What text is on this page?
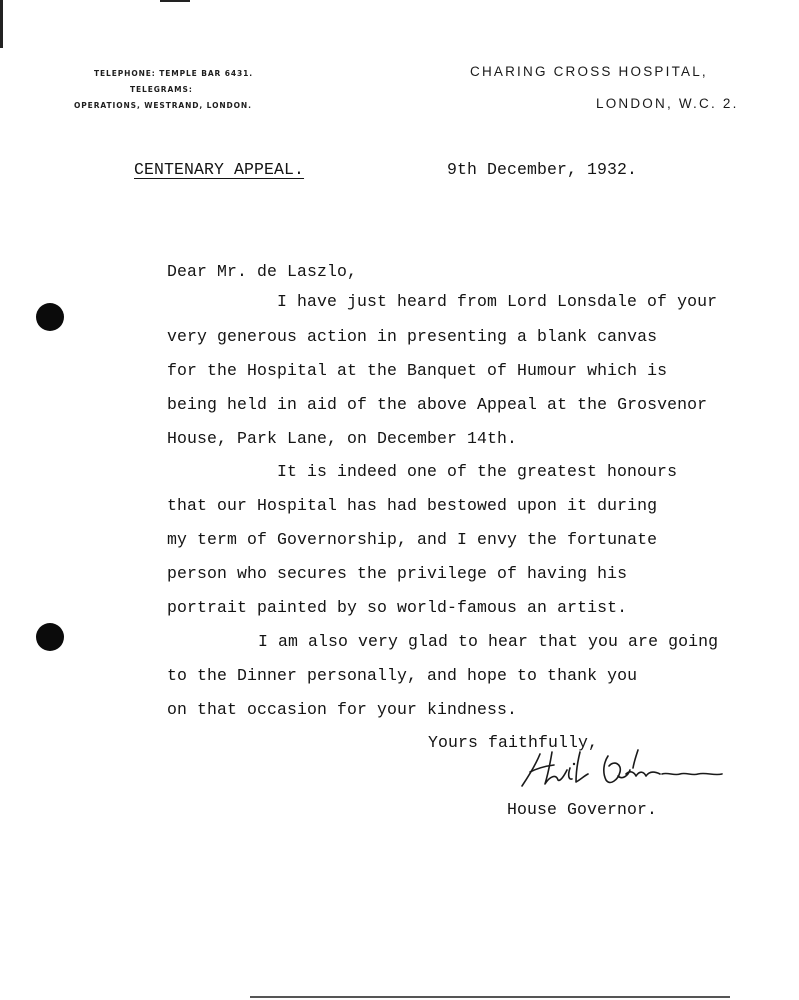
TELEPHONE: TEMPLE BAR 6431.
TELEGRAMS:
OPERATIONS, WESTRAND, LONDON.
CHARING CROSS HOSPITAL,
LONDON, W.C. 2.
CENTENARY APPEAL.	9th December, 1932.
Dear Mr. de Laszlo,
I have just heard from Lord Lonsdale of your
very generous action in presenting a blank canvas
for the Hospital at the Banquet of Humour which is
being held in aid of the above Appeal at the Grosvenor
House, Park Lane, on December 14th.
It is indeed one of the greatest honours
that our Hospital has had bestowed upon it during
my term of Governorship, and I envy the fortunate
person who secures the privilege of having his
portrait painted by so world-famous an artist.
I am also very glad to hear that you are going
to the Dinner personally, and hope to thank you
on that occasion for your kindness.
Yours faithfully,
House Governor.
